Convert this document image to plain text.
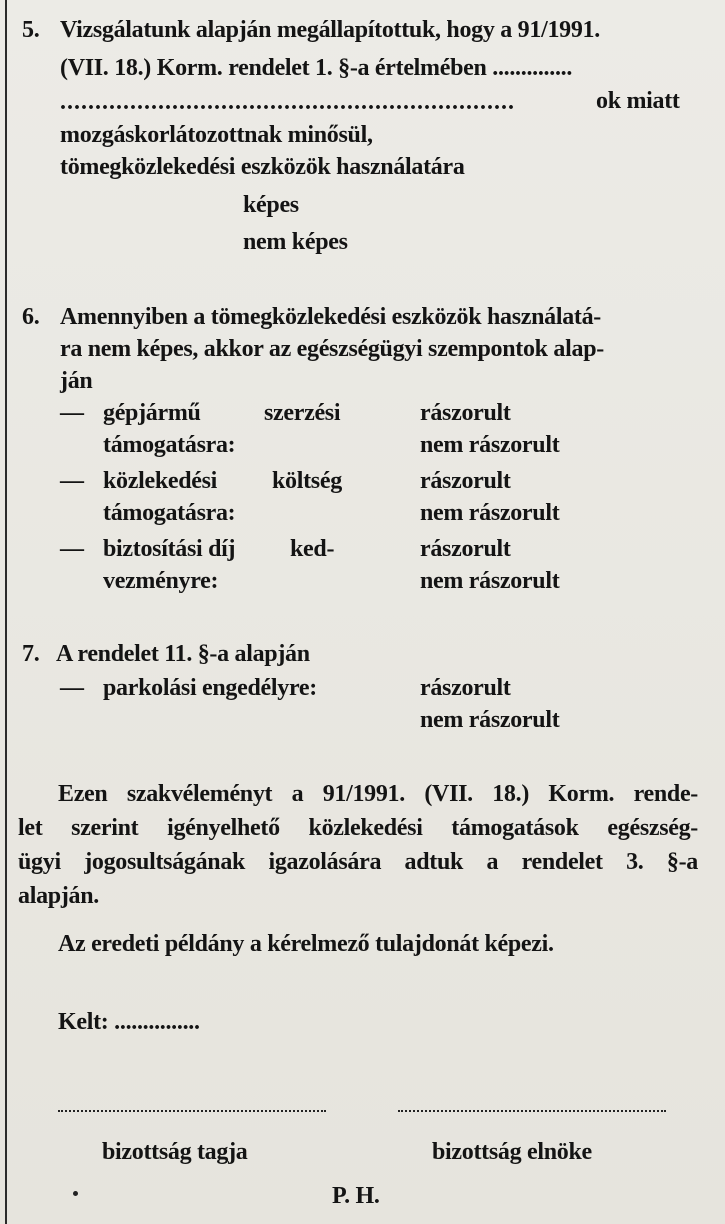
5. Vizsgálatunk alapján megállapítottuk, hogy a 91/1991.
(VII. 18.) Korm. rendelet 1. §-a értelmében ..............
.................................................................	ok miatt
mozgáskorlátozottnak minősül,
tömegközlekedési eszközök használatára
képes
nem képes
6. Amennyiben a tömegközlekedési eszközök használatá-
ra nem képes, akkor az egészségügyi szempontok alap-
ján
— gépjármű	szerzési
támogatásra:
rászorult
nem rászorult
— közlekedési költség
támogatásra:
rászorult
nem rászorult
— biztosítási díj ked-
vezményre:
rászorult
nem rászorult
7. A rendelet 11. §-a alapján
— parkolási engedélyre:	rászorult
nem rászorult
Ezen szakvéleményt a 91/1991. (VII. 18.) Korm. rende-
let szerint igényelhető közlekedési támogatások egészség-
ügyi jogosultságának igazolására adtuk a rendelet 3. §-a
alapján.
Az eredeti példány a kérelmező tulajdonát képezi.
Kelt: ...............
bizottság tagja	bizottság elnöke
P. H.
